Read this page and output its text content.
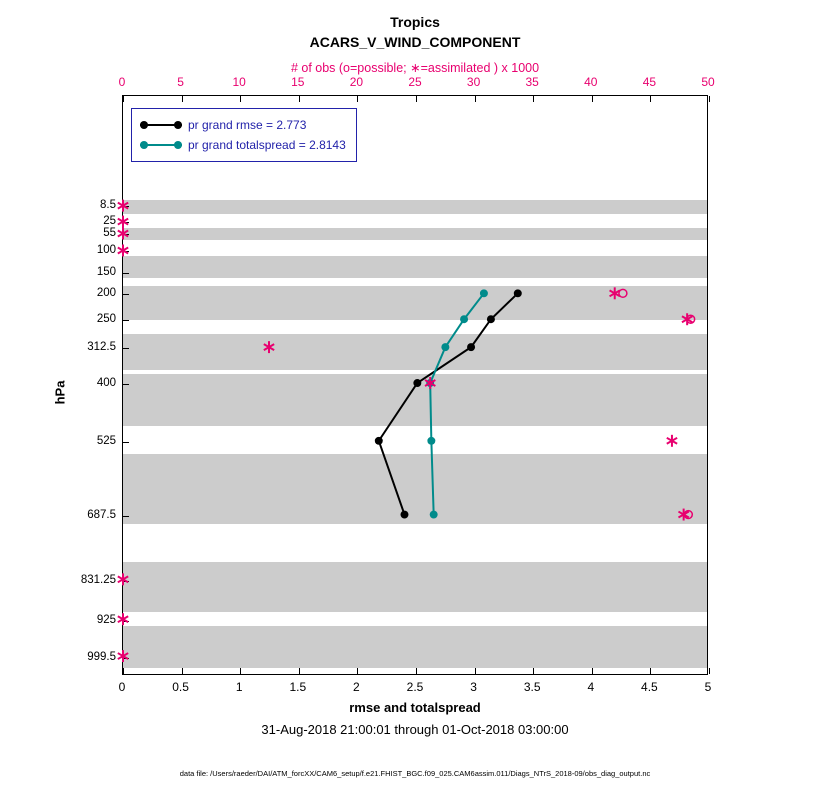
Tropics
ACARS_V_WIND_COMPONENT
# of obs (o=possible; ∗=assimilated ) x 1000
pr grand rmse = 2.773
pr grand totalspread = 2.8143
0	5	10	15	20	25	30	35	40	45	50
0	0.5	1	1.5	2	2.5	3	3.5	4	4.5	5
8.5
25
55
100
150
200
250
312.5
400
525
687.5
831.25
925
999.5
hPa
rmse and totalspread
31-Aug-2018 21:00:01 through 01-Oct-2018 03:00:00
data file: /Users/raeder/DAI/ATM_forcXX/CAM6_setup/f.e21.FHIST_BGC.f09_025.CAM6assim.011/Diags_NTrS_2018-09/obs_diag_output.nc
